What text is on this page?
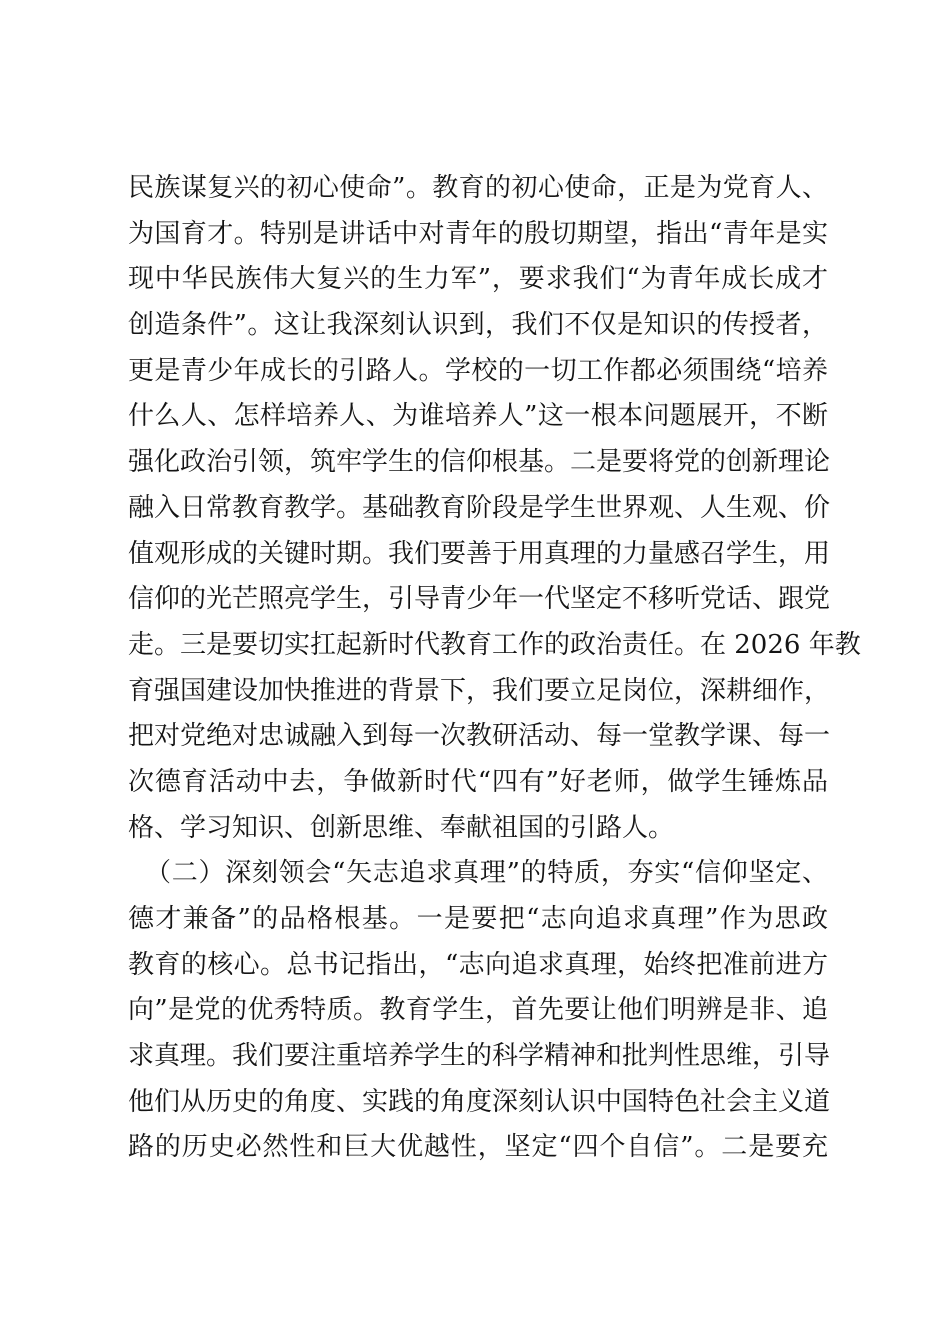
民族谋复兴的初心使命”。教育的初心使命，正是为党育人、
为国育才。特别是讲话中对青年的殷切期望，指出“青年是实
现中华民族伟大复兴的生力军”，要求我们“为青年成长成才
创造条件”。这让我深刻认识到，我们不仅是知识的传授者，
更是青少年成长的引路人。学校的一切工作都必须围绕“培养
什么人、怎样培养人、为谁培养人”这一根本问题展开，不断
强化政治引领，筑牢学生的信仰根基。二是要将党的创新理论
融入日常教育教学。基础教育阶段是学生世界观、人生观、价
值观形成的关键时期。我们要善于用真理的力量感召学生，用
信仰的光芒照亮学生，引导青少年一代坚定不移听党话、跟党
走。三是要切实扛起新时代教育工作的政治责任。在 2026 年教
育强国建设加快推进的背景下，我们要立足岗位，深耕细作，
把对党绝对忠诚融入到每一次教研活动、每一堂教学课、每一
次德育活动中去，争做新时代“四有”好老师，做学生锤炼品
格、学习知识、创新思维、奉献祖国的引路人。
（二）深刻领会“矢志追求真理”的特质，夯实“信仰坚定、
德才兼备”的品格根基。一是要把“志向追求真理”作为思政
教育的核心。总书记指出，“志向追求真理，始终把准前进方
向”是党的优秀特质。教育学生，首先要让他们明辨是非、追
求真理。我们要注重培养学生的科学精神和批判性思维，引导
他们从历史的角度、实践的角度深刻认识中国特色社会主义道
路的历史必然性和巨大优越性，坚定“四个自信”。二是要充
